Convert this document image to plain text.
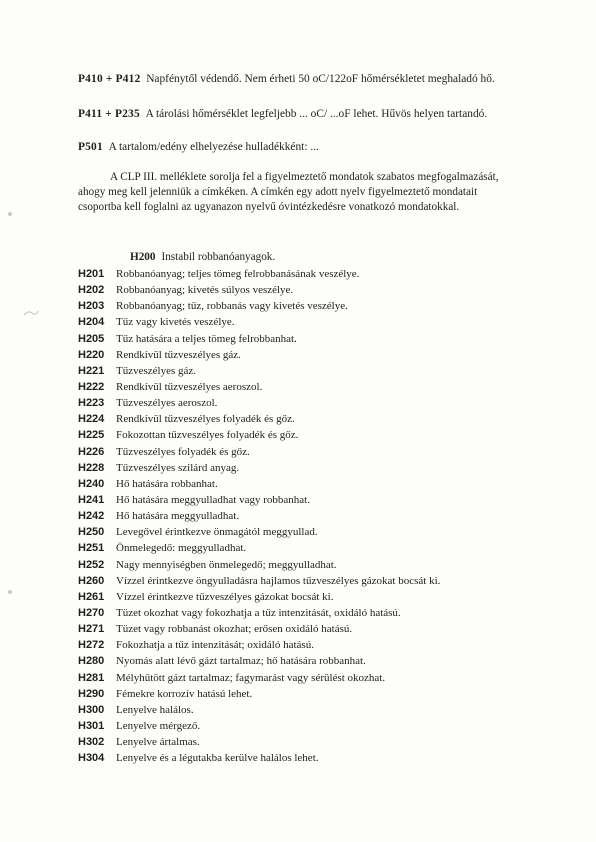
P410 + P412 Napfénytől védendő. Nem érheti 50 oC/122oF hőmérsékletet meghaladó hő.
P411 + P235 A tárolási hőmérséklet legfeljebb ... oC/ ...oF lehet. Hűvös helyen tartandó.
P501 A tartalom/edény elhelyezése hulladékként: ...
A CLP III. melléklete sorolja fel a figyelmeztető mondatok szabatos megfogalmazását, ahogy meg kell jelenniük a címkéken. A címkén egy adott nyelv figyelmeztető mondatait csoportba kell foglalni az ugyanazon nyelvű óvintézkedésre vonatkozó mondatokkal.
H200 Instabil robbanóanyagok.
H201 Robbanóanyag; teljes tömeg felrobbanásának veszélye.
H202 Robbanóanyag; kivetés súlyos veszélye.
H203 Robbanóanyag; tűz, robbanás vagy kivetés veszélye.
H204 Tűz vagy kivetés veszélye.
H205 Tűz hatására a teljes tömeg felrobbanhat.
H220 Rendkívül tűzveszélyes gáz.
H221 Tűzveszélyes gáz.
H222 Rendkívül tűzveszélyes aeroszol.
H223 Tűzveszélyes aeroszol.
H224 Rendkívül tűzveszélyes folyadék és gőz.
H225 Fokozottan tűzveszélyes folyadék és gőz.
H226 Tűzveszélyes folyadék és gőz.
H228 Tűzveszélyes szilárd anyag.
H240 Hő hatására robbanhat.
H241 Hő hatására meggyulladhat vagy robbanhat.
H242 Hő hatására meggyulladhat.
H250 Levegővel érintkezve önmagától meggyullad.
H251 Önmelegedő: meggyulladhat.
H252 Nagy mennyiségben önmelegedő; meggyulladhat.
H260 Vízzel érintkezve öngyulladásra hajlamos tűzveszélyes gázokat bocsát ki.
H261 Vízzel érintkezve tűzveszélyes gázokat bocsát ki.
H270 Tüzet okozhat vagy fokozhatja a tűz intenzitását, oxidáló hatású.
H271 Tüzet vagy robbanást okozhat; erősen oxidáló hatású.
H272 Fokozhatja a tűz intenzitását; oxidáló hatású.
H280 Nyomás alatt lévő gázt tartalmaz; hő hatására robbanhat.
H281 Mélyhűtött gázt tartalmaz; fagymarást vagy sérülést okozhat.
H290 Fémekre korrozív hatású lehet.
H300 Lenyelve halálos.
H301 Lenyelve mérgező.
H302 Lenyelve ártalmas.
H304 Lenyelve és a légutakba kerülve halálos lehet.
